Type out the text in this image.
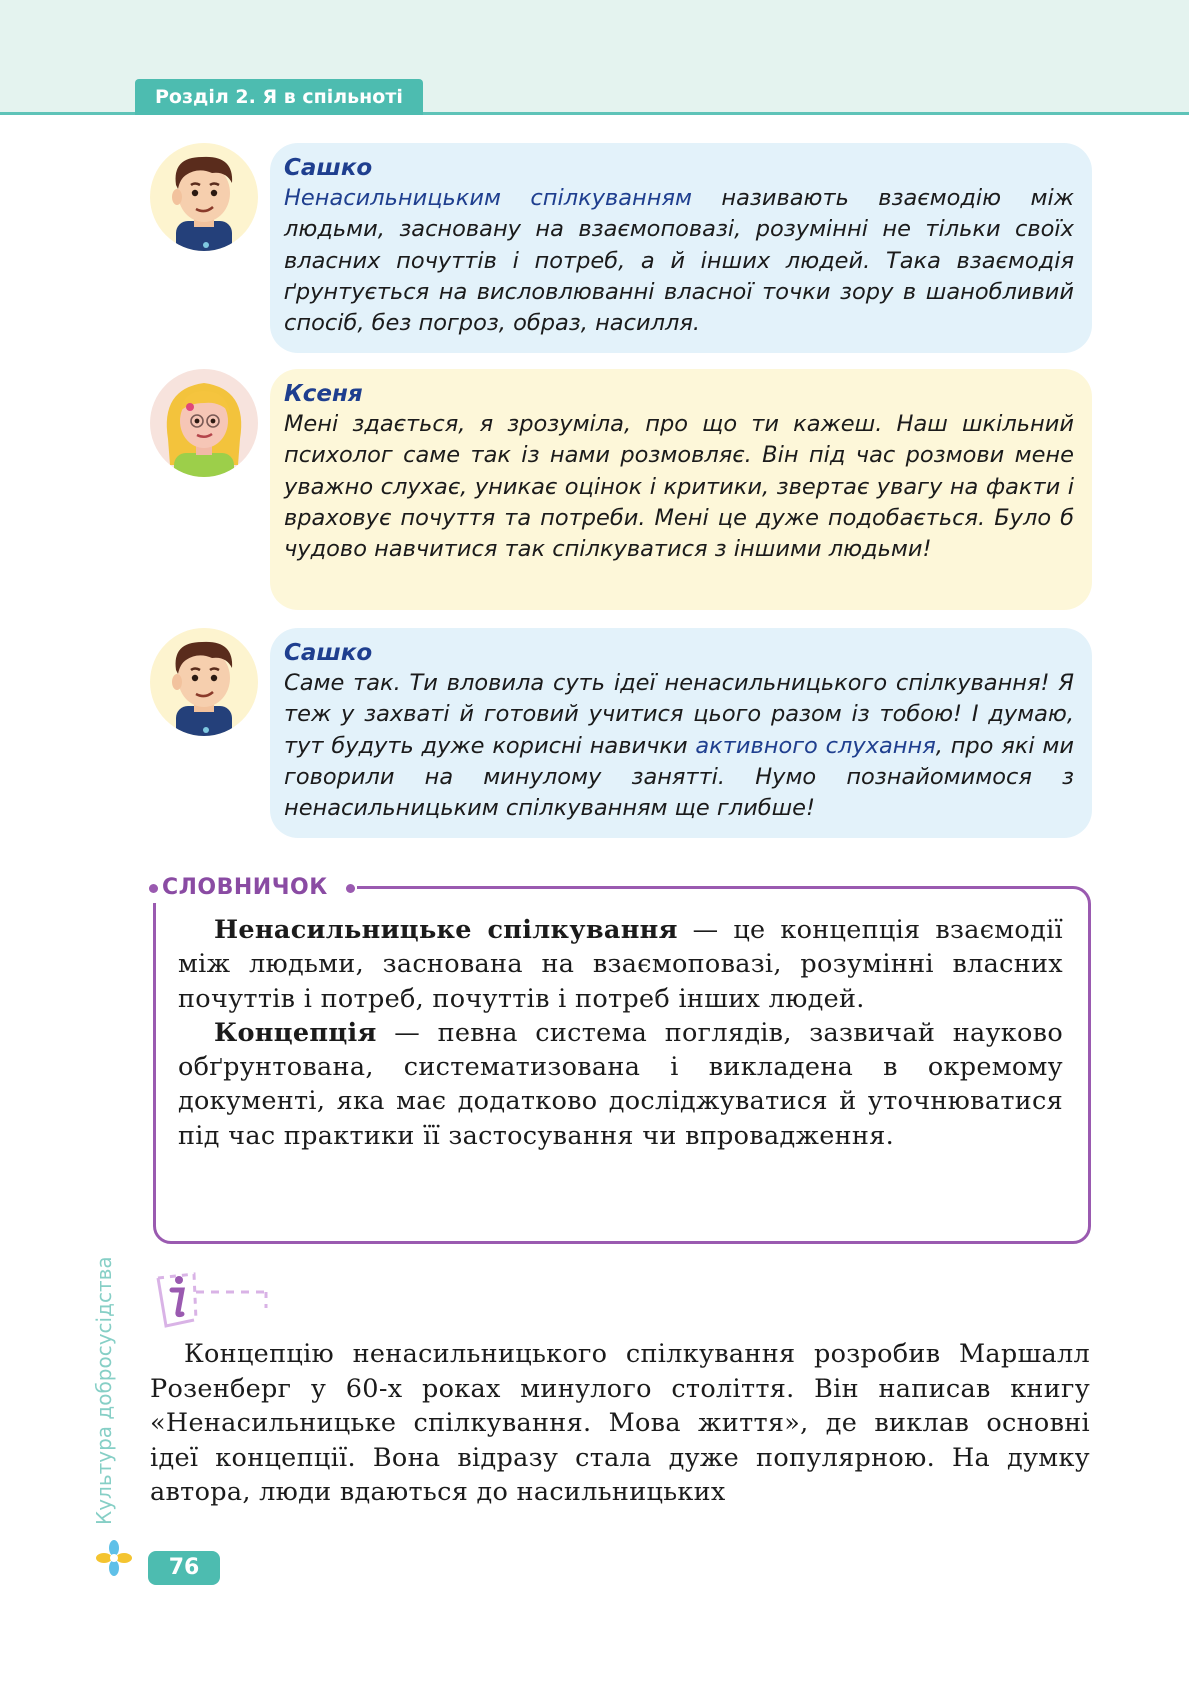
Розділ 2. Я в спільноті
Сашко
Ненасильницьким спілкуванням називають взаємодію між людьми, засновану на взаємоповазі, розумінні не тільки своїх власних почуттів і потреб, а й інших людей. Така взаємодія ґрунтується на висловлюванні власної точки зору в шанобливий спосіб, без погроз, образ, насилля.
Ксеня
Мені здається, я зрозуміла, про що ти кажеш. Наш шкільний психолог саме так із нами розмовляє. Він під час розмови мене уважно слухає, уникає оцінок і критики, звертає увагу на факти і враховує почуття та потреби. Мені це дуже подобається. Було б чудово навчитися так спілкуватися з іншими людьми!
Сашко
Саме так. Ти вловила суть ідеї ненасильницького спілкування! Я теж у захваті й готовий учитися цього разом із тобою! І думаю, тут будуть дуже корисні навички активного слухання, про які ми говорили на минулому занятті. Нумо познайомимося з ненасильницьким спілкуванням ще глибше!
СЛОВНИЧОК

Ненасильницьке спілкування — це концепція взаємодії між людьми, заснована на взаємоповазі, розумінні власних почуттів і потреб, почуттів і потреб інших людей.

Концепція — певна система поглядів, зазвичай науково обґрунтована, систематизована і викладена в окремому документі, яка має додатково досліджуватися й уточнюватися під час практики її застосування чи впровадження.

Концепцію ненасильницького спілкування розробив Маршалл Розенберг у 60-х роках минулого століття. Він написав книгу «Ненасильницьке спілкування. Мова життя», де виклав основні ідеї концепції. Вона відразу стала дуже популярною. На думку автора, люди вдаються до насильницьких

Культура добросусідства
76
